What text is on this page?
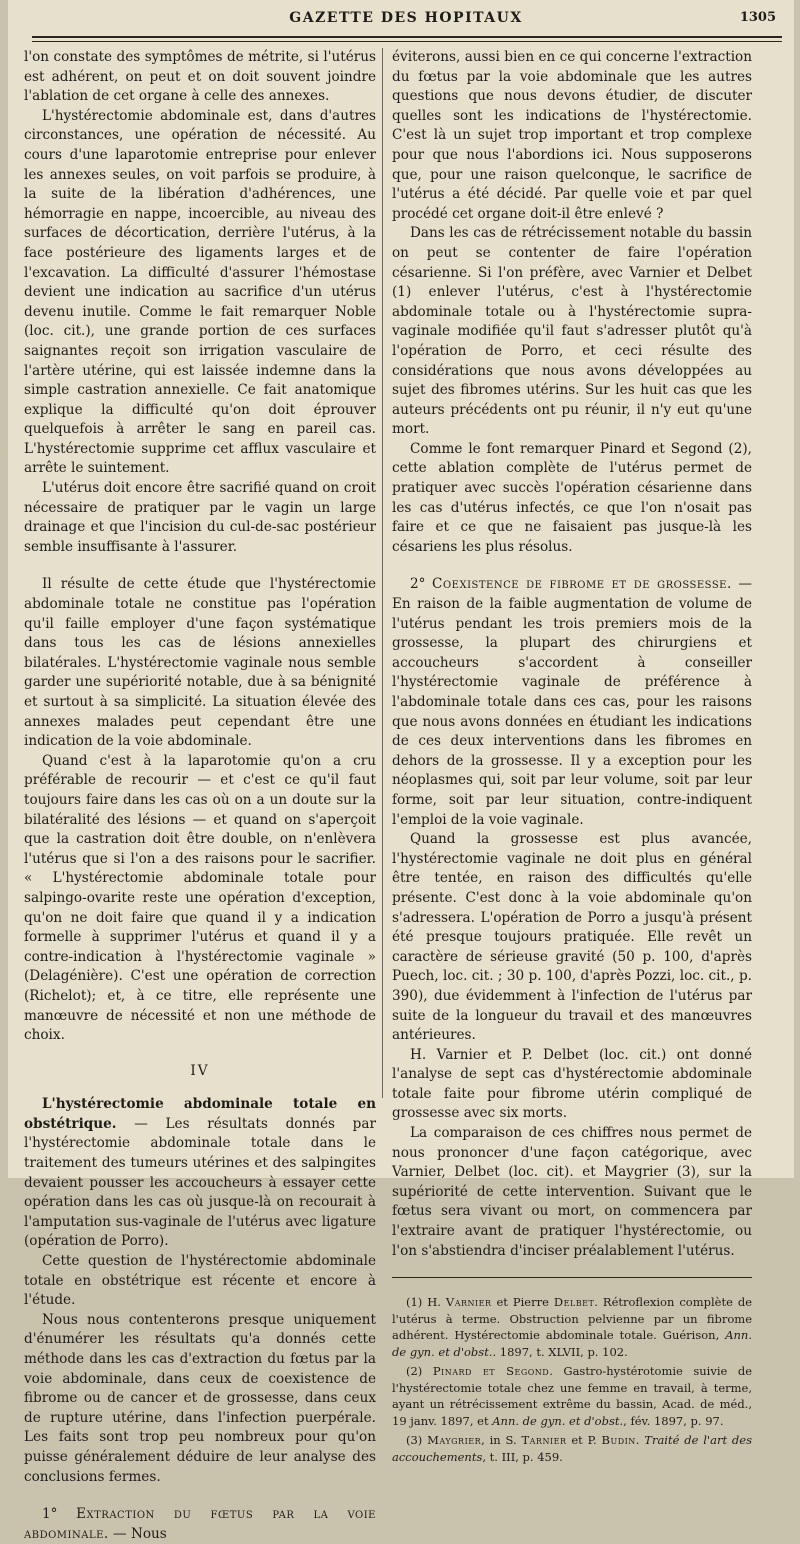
GAZETTE DES HOPITAUX	1305

l'on constate des symptômes de métrite, si l'utérus est adhérent, on peut et on doit souvent joindre l'ablation de cet organe à celle des annexes.

L'hystérectomie abdominale est, dans d'autres circonstances, une opération de nécessité. Au cours d'une laparotomie entreprise pour enlever les annexes seules, on voit parfois se produire, à la suite de la libération d'adhérences, une hémorragie en nappe, incoercible, au niveau des surfaces de décortication, derrière l'utérus, à la face postérieure des ligaments larges et de l'excavation. La difficulté d'assurer l'hémostase devient une indication au sacrifice d'un utérus devenu inutile. Comme le fait remarquer Noble (loc. cit.), une grande portion de ces surfaces saignantes reçoit son irrigation vasculaire de l'artère utérine, qui est laissée indemne dans la simple castration annexielle. Ce fait anatomique explique la difficulté qu'on doit éprouver quelquefois à arrêter le sang en pareil cas. L'hystérectomie supprime cet afflux vasculaire et arrête le suintement.

L'utérus doit encore être sacrifié quand on croit nécessaire de pratiquer par le vagin un large drainage et que l'incision du cul-de-sac postérieur semble insuffisante à l'assurer.

Il résulte de cette étude que l'hystérectomie abdominale totale ne constitue pas l'opération qu'il faille employer d'une façon systématique dans tous les cas de lésions annexielles bilatérales. L'hystérectomie vaginale nous semble garder une supériorité notable, due à sa bénignité et surtout à sa simplicité. La situation élevée des annexes malades peut cependant être une indication de la voie abdominale.

Quand c'est à la laparotomie qu'on a cru préférable de recourir — et c'est ce qu'il faut toujours faire dans les cas où on a un doute sur la bilatéralité des lésions — et quand on s'aperçoit que la castration doit être double, on n'enlèvera l'utérus que si l'on a des raisons pour le sacrifier. « L'hystérectomie abdominale totale pour salpingo-ovarite reste une opération d'exception, qu'on ne doit faire que quand il y a indication formelle à supprimer l'utérus et quand il y a contre-indication à l'hystérectomie vaginale » (Delagénière). C'est une opération de correction (Richelot); et, à ce titre, elle représente une manœuvre de nécessité et non une méthode de choix.

IV

L'hystérectomie abdominale totale en obstétrique. — Les résultats donnés par l'hystérectomie abdominale totale dans le traitement des tumeurs utérines et des salpingites devaient pousser les accoucheurs à essayer cette opération dans les cas où jusque-là on recourait à l'amputation sus-vaginale de l'utérus avec ligature (opération de Porro).

Cette question de l'hystérectomie abdominale totale en obstétrique est récente et encore à l'étude.

Nous nous contenterons presque uniquement d'énumérer les résultats qu'a donnés cette méthode dans les cas d'extraction du fœtus par la voie abdominale, dans ceux de coexistence de fibrome ou de cancer et de grossesse, dans ceux de rupture utérine, dans l'infection puerpérale. Les faits sont trop peu nombreux pour qu'on puisse généralement déduire de leur analyse des conclusions fermes.

1° Extraction du fœtus par la voie abdominale. — Nous

éviterons, aussi bien en ce qui concerne l'extraction du fœtus par la voie abdominale que les autres questions que nous devons étudier, de discuter quelles sont les indications de l'hystérectomie. C'est là un sujet trop important et trop complexe pour que nous l'abordions ici. Nous supposerons que, pour une raison quelconque, le sacrifice de l'utérus a été décidé. Par quelle voie et par quel procédé cet organe doit-il être enlevé ?

Dans les cas de rétrécissement notable du bassin on peut se contenter de faire l'opération césarienne. Si l'on préfère, avec Varnier et Delbet (1) enlever l'utérus, c'est à l'hystérectomie abdominale totale ou à l'hystérectomie supra-vaginale modifiée qu'il faut s'adresser plutôt qu'à l'opération de Porro, et ceci résulte des considérations que nous avons développées au sujet des fibromes utérins. Sur les huit cas que les auteurs précédents ont pu réunir, il n'y eut qu'une mort.

Comme le font remarquer Pinard et Segond (2), cette ablation complète de l'utérus permet de pratiquer avec succès l'opération césarienne dans les cas d'utérus infectés, ce que l'on n'osait pas faire et ce que ne faisaient pas jusque-là les césariens les plus résolus.

2° Coexistence de fibrome et de grossesse. — En raison de la faible augmentation de volume de l'utérus pendant les trois premiers mois de la grossesse, la plupart des chirurgiens et accoucheurs s'accordent à conseiller l'hystérectomie vaginale de préférence à l'abdominale totale dans ces cas, pour les raisons que nous avons données en étudiant les indications de ces deux interventions dans les fibromes en dehors de la grossesse. Il y a exception pour les néoplasmes qui, soit par leur volume, soit par leur forme, soit par leur situation, contre-indiquent l'emploi de la voie vaginale.

Quand la grossesse est plus avancée, l'hystérectomie vaginale ne doit plus en général être tentée, en raison des difficultés qu'elle présente. C'est donc à la voie abdominale qu'on s'adressera. L'opération de Porro a jusqu'à présent été presque toujours pratiquée. Elle revêt un caractère de sérieuse gravité (50 p. 100, d'après Puech, loc. cit. ; 30 p. 100, d'après Pozzi, loc. cit., p. 390), due évidemment à l'infection de l'utérus par suite de la longueur du travail et des manœuvres antérieures.

H. Varnier et P. Delbet (loc. cit.) ont donné l'analyse de sept cas d'hystérectomie abdominale totale faite pour fibrome utérin compliqué de grossesse avec six morts.

La comparaison de ces chiffres nous permet de nous prononcer d'une façon catégorique, avec Varnier, Delbet (loc. cit). et Maygrier (3), sur la supériorité de cette intervention. Suivant que le fœtus sera vivant ou mort, on commencera par l'extraire avant de pratiquer l'hystérectomie, ou l'on s'abstiendra d'inciser préalablement l'utérus.

(1) H. Varnier et Pierre Delbet. Rétroflexion complète de l'utérus à terme. Obstruction pelvienne par un fibrome adhérent. Hystérectomie abdominale totale. Guérison, Ann. de gyn. et d'obst.. 1897, t. XLVII, p. 102.

(2) Pinard et Segond. Gastro-hystérotomie suivie de l'hystérectomie totale chez une femme en travail, à terme, ayant un rétrécissement extrême du bassin, Acad. de méd., 19 janv. 1897, et Ann. de gyn. et d'obst., fév. 1897, p. 97.

(3) Maygrier, in S. Tarnier et P. Budin. Traité de l'art des accouchements, t. III, p. 459.
